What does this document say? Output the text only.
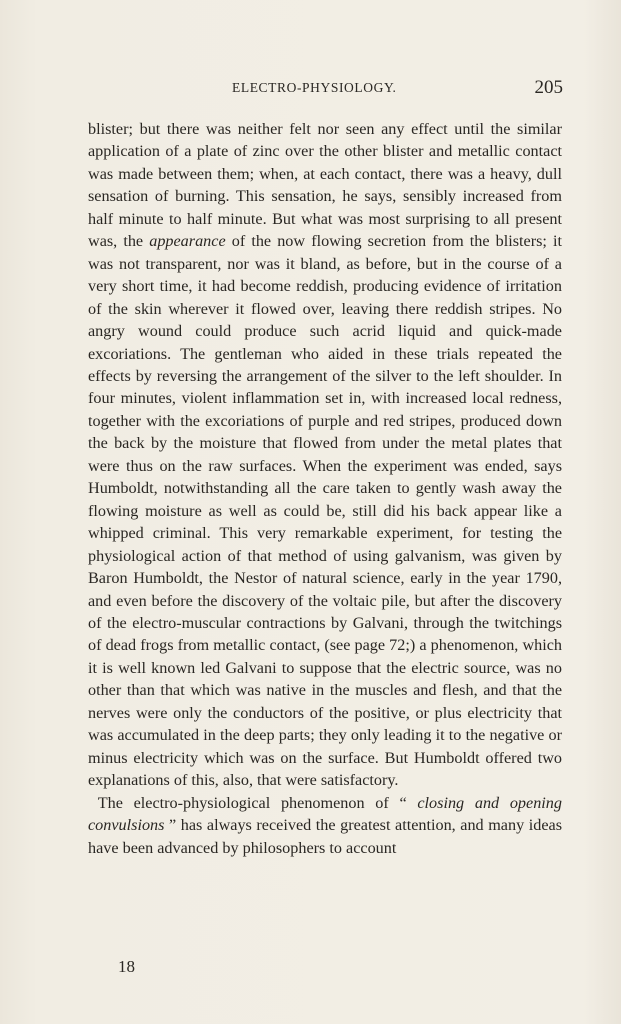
ELECTRO-PHYSIOLOGY.	205

blister; but there was neither felt nor seen any effect until the similar application of a plate of zinc over the other blister and metallic contact was made between them; when, at each contact, there was a heavy, dull sensation of burning. This sensation, he says, sensibly increased from half minute to half minute. But what was most surprising to all present was, the appearance of the now flowing secretion from the blisters; it was not transparent, nor was it bland, as before, but in the course of a very short time, it had become reddish, producing evidence of irritation of the skin wherever it flowed over, leaving there reddish stripes. No angry wound could produce such acrid liquid and quick-made excoriations. The gentleman who aided in these trials repeated the effects by reversing the arrangement of the silver to the left shoulder. In four minutes, violent inflammation set in, with increased local redness, together with the excoriations of purple and red stripes, produced down the back by the moisture that flowed from under the metal plates that were thus on the raw surfaces. When the experiment was ended, says Humboldt, notwithstanding all the care taken to gently wash away the flowing moisture as well as could be, still did his back appear like a whipped criminal. This very remarkable experiment, for testing the physiological action of that method of using galvanism, was given by Baron Humboldt, the Nestor of natural science, early in the year 1790, and even before the discovery of the voltaic pile, but after the discovery of the electro-muscular contractions by Galvani, through the twitchings of dead frogs from metallic contact, (see page 72;) a phenomenon, which it is well known led Galvani to suppose that the electric source, was no other than that which was native in the muscles and flesh, and that the nerves were only the conductors of the positive, or plus electricity that was accumulated in the deep parts; they only leading it to the negative or minus electricity which was on the surface. But Humboldt offered two explanations of this, also, that were satisfactory.

The electro-physiological phenomenon of “ closing and opening convulsions ” has always received the greatest attention, and many ideas have been advanced by philosophers to account

18
